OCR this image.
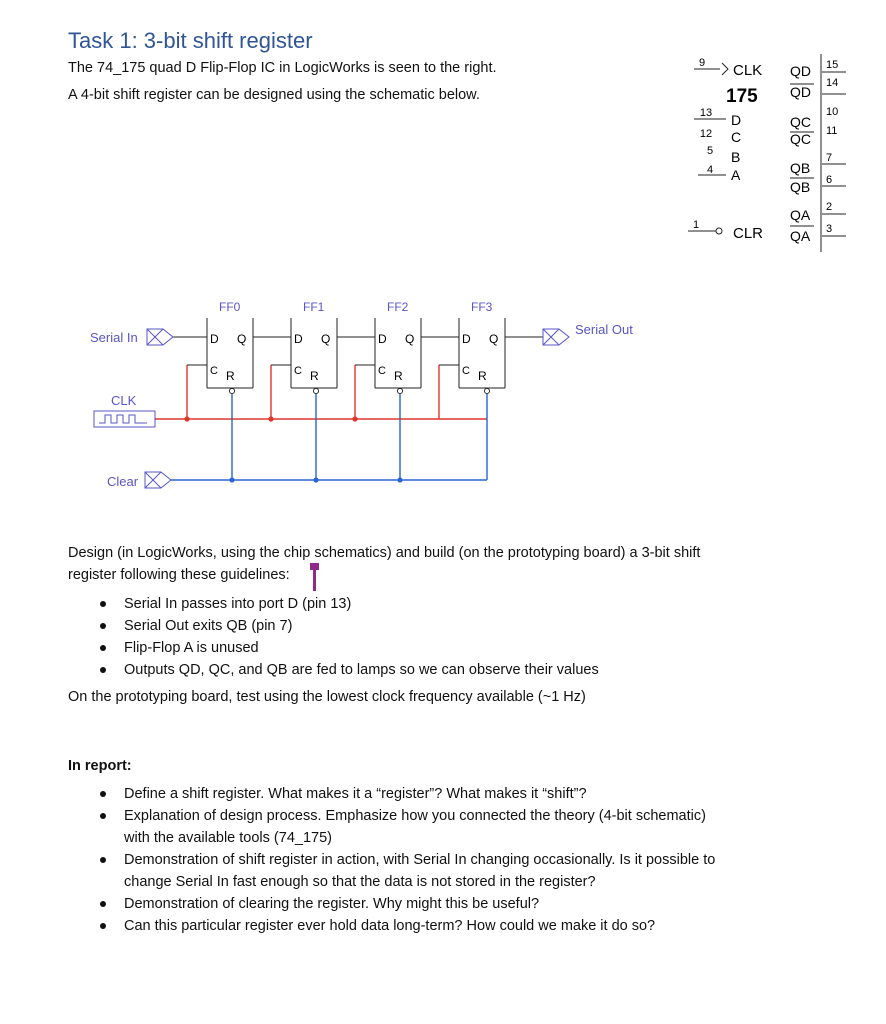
Task 1: 3-bit shift register
The 74_175 quad D Flip-Flop IC in LogicWorks is seen to the right.
A 4-bit shift register can be designed using the schematic below.
9 CLK
175
13 D
12 C
5 B
4 A
QD
QD
QC
QC
QB
QB
QA
QA
15
14
10
11
7
6
2
3
1 CLR
FF0
D Q
C R
FF1
D Q
C R
FF2
D Q
C R
FF3
D Q
C R
Serial In
Serial Out
CLK
Clear
Design (in LogicWorks, using the chip schematics) and build (on the prototyping board) a 3-bit shift
register following these guidelines:
Serial In passes into port D (pin 13)
Serial Out exits QB (pin 7)
Flip-Flop A is unused
Outputs QD, QC, and QB are fed to lamps so we can observe their values
On the prototyping board, test using the lowest clock frequency available (~1 Hz)
In report:
Define a shift register. What makes it a “register”? What makes it “shift”?
Explanation of design process. Emphasize how you connected the theory (4-bit schematic)
with the available tools (74_175)
Demonstration of shift register in action, with Serial In changing occasionally. Is it possible to
change Serial In fast enough so that the data is not stored in the register?
Demonstration of clearing the register. Why might this be useful?
Can this particular register ever hold data long-term? How could we make it do so?
